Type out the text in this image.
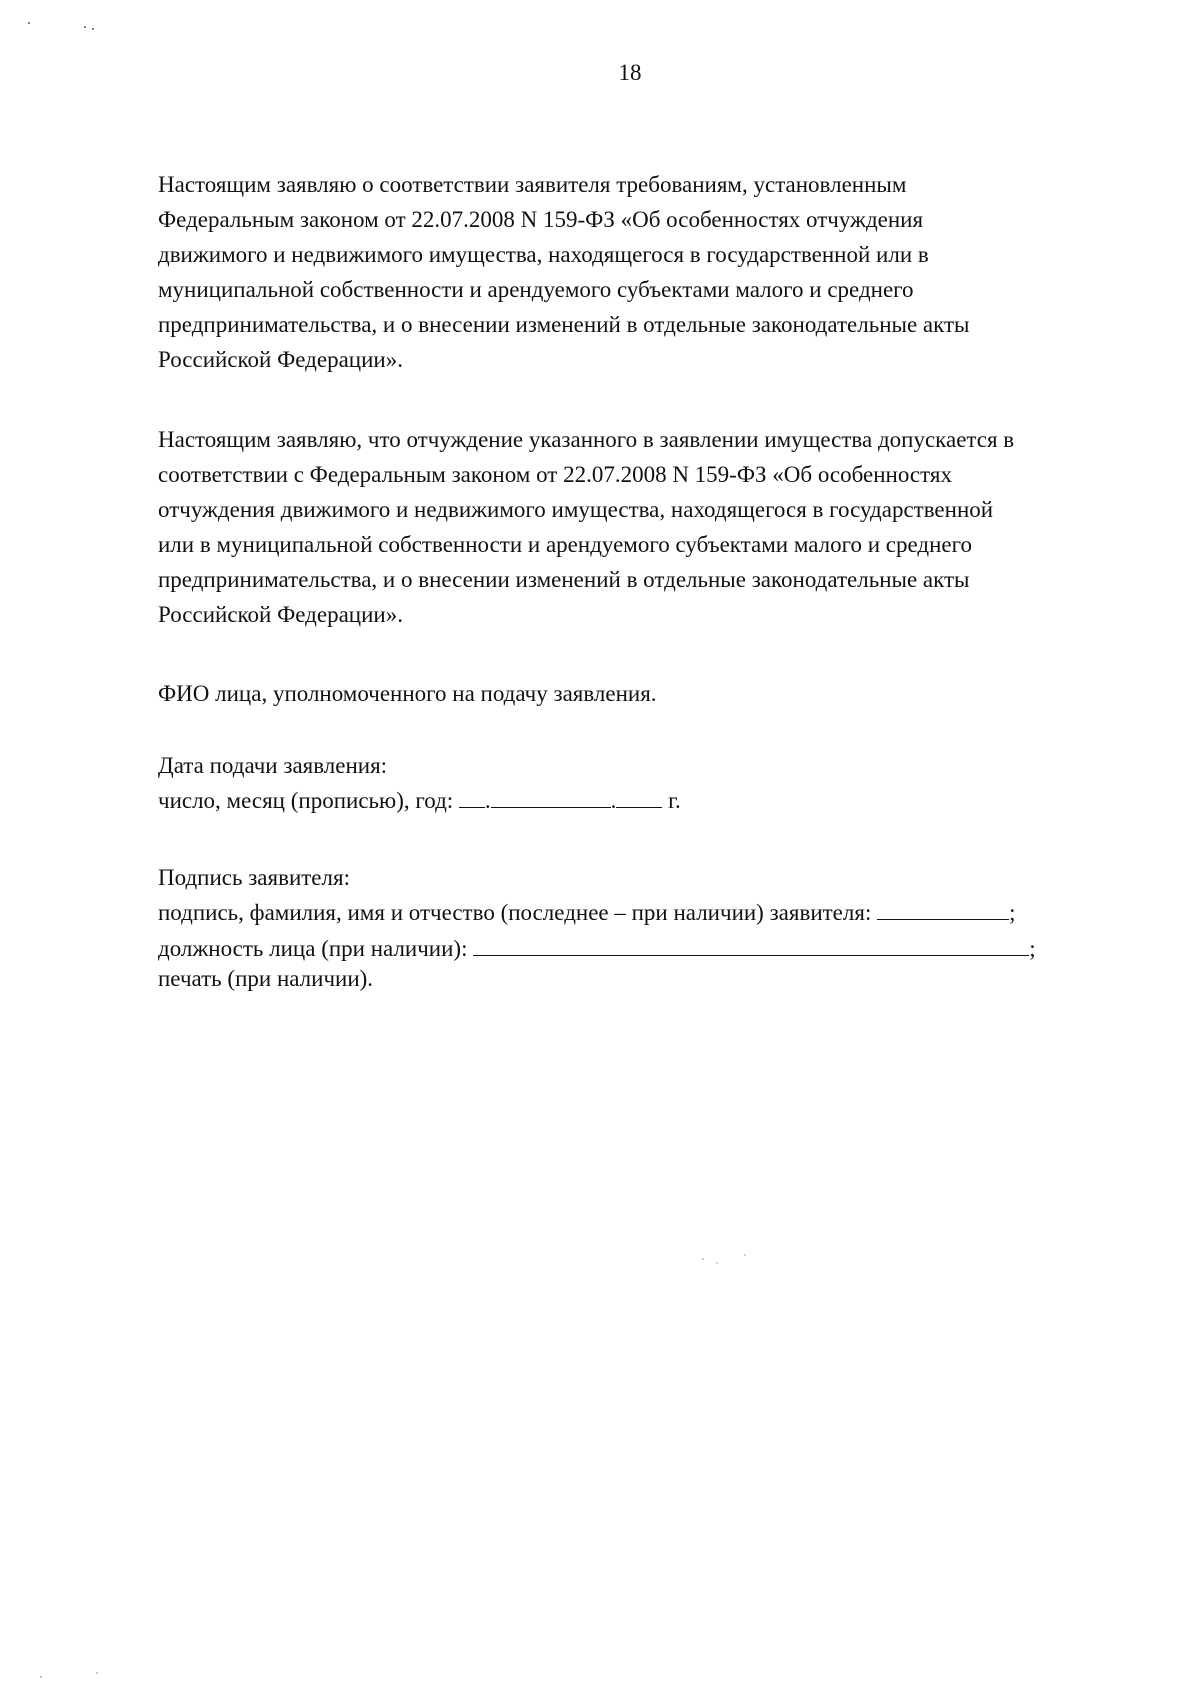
18

Настоящим заявляю о соответствии заявителя требованиям, установленным
Федеральным законом от 22.07.2008 N 159-ФЗ «Об особенностях отчуждения
движимого и недвижимого имущества, находящегося в государственной или в
муниципальной собственности и арендуемого субъектами малого и среднего
предпринимательства, и о внесении изменений в отдельные законодательные акты
Российской Федерации».

Настоящим заявляю, что отчуждение указанного в заявлении имущества допускается в
соответствии с Федеральным законом от 22.07.2008 N 159-ФЗ «Об особенностях
отчуждения движимого и недвижимого имущества, находящегося в государственной
или в муниципальной собственности и арендуемого субъектами малого и среднего
предпринимательства, и о внесении изменений в отдельные законодательные акты
Российской Федерации».

ФИО лица, уполномоченного на подачу заявления.

Дата подачи заявления:

число, месяц (прописью), год: .	. г.

Подпись заявителя:

подпись, фамилия, имя и отчество (последнее – при наличии) заявителя:	;

должность лица (при наличии):	;

печать (при наличии).
